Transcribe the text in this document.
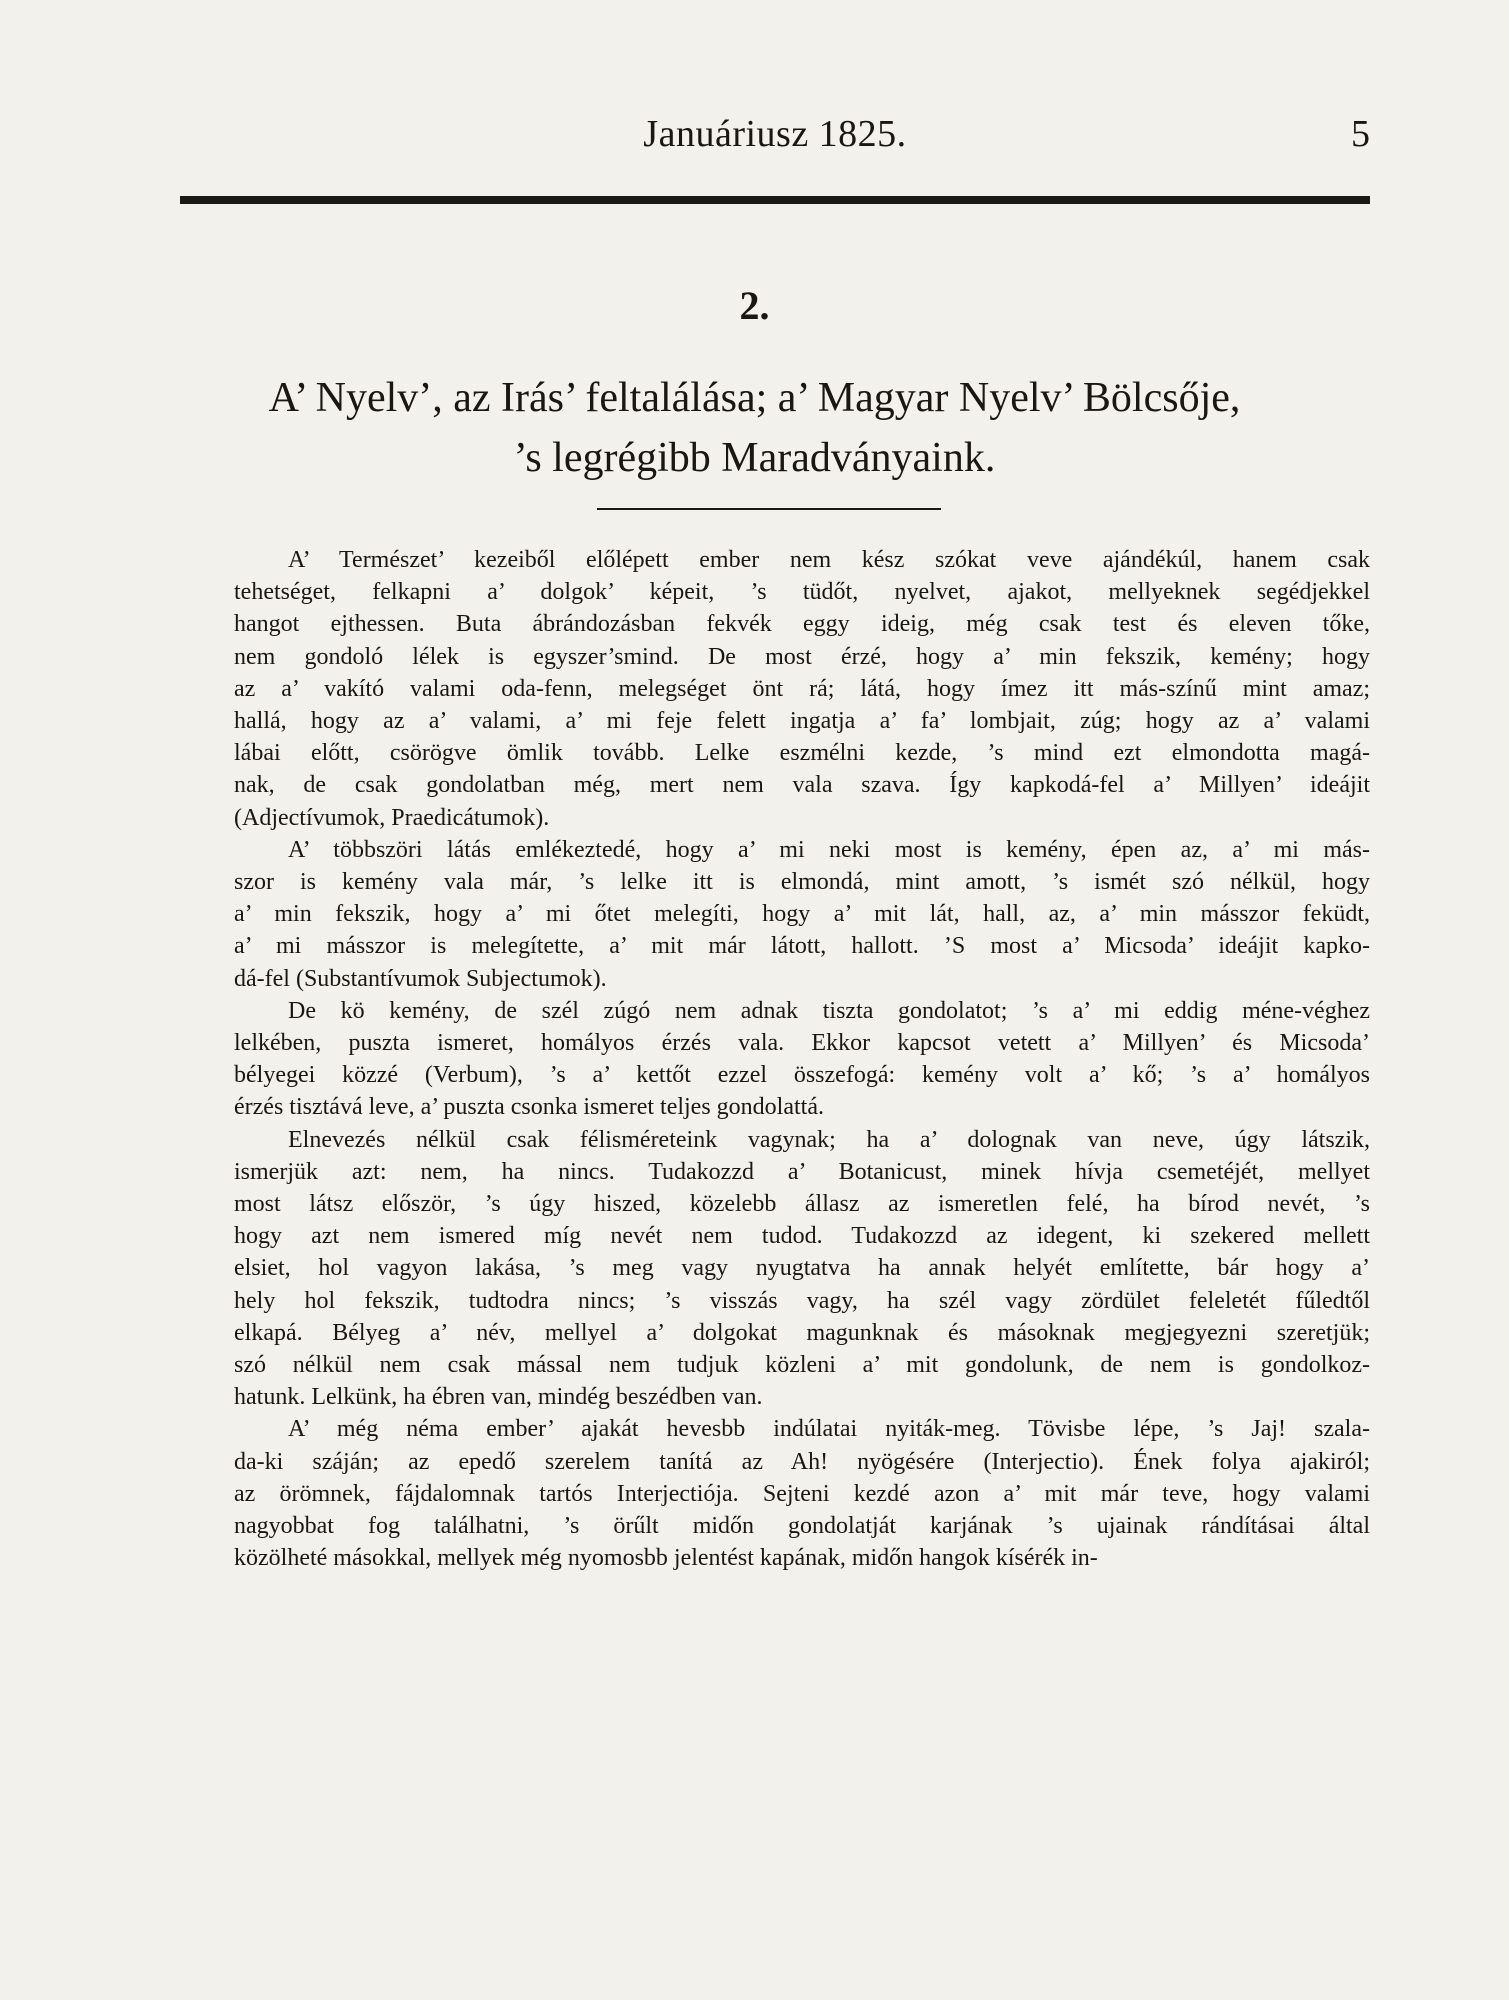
Januáriusz 1825.	5
2.
A’ Nyelv’, az Irás’ feltalálása; a’ Magyar Nyelv’ Bölcsője,
’s legrégibb Maradványaink.
A’ Természet’ kezeiből előlépett ember nem kész szókat veve ajándékúl, hanem csak
tehetséget, felkapni a’ dolgok’ képeit, ’s tüdőt, nyelvet, ajakot, mellyeknek segédjekkel
hangot ejthessen. Buta ábrándozásban fekvék eggy ideig, még csak test és eleven tőke,
nem gondoló lélek is egyszer’smind. De most érzé, hogy a’ min fekszik, kemény; hogy
az a’ vakító valami oda-fenn, melegséget önt rá; látá, hogy ímez itt más-színű mint amaz;
hallá, hogy az a’ valami, a’ mi feje felett ingatja a’ fa’ lombjait, zúg; hogy az a’ valami
lábai előtt, csörögve ömlik tovább. Lelke eszmélni kezde, ’s mind ezt elmondotta magá-
nak, de csak gondolatban még, mert nem vala szava. Így kapkodá-fel a’ Millyen’ ideájit
(Adjectívumok, Praedicátumok).
A’ többszöri látás emlékeztedé, hogy a’ mi neki most is kemény, épen az, a’ mi más-
szor is kemény vala már, ’s lelke itt is elmondá, mint amott, ’s ismét szó nélkül, hogy
a’ min fekszik, hogy a’ mi őtet melegíti, hogy a’ mit lát, hall, az, a’ min másszor feküdt,
a’ mi másszor is melegítette, a’ mit már látott, hallott. ’S most a’ Micsoda’ ideájit kapko-
dá-fel (Substantívumok Subjectumok).
De kö kemény, de szél zúgó nem adnak tiszta gondolatot; ’s a’ mi eddig méne-véghez
lelkében, puszta ismeret, homályos érzés vala. Ekkor kapcsot vetett a’ Millyen’ és Micsoda’
bélyegei közzé (Verbum), ’s a’ kettőt ezzel összefogá: kemény volt a’ kő; ’s a’ homályos
érzés tisztává leve, a’ puszta csonka ismeret teljes gondolattá.
Elnevezés nélkül csak félisméreteink vagynak; ha a’ dolognak van neve, úgy látszik,
ismerjük azt: nem, ha nincs. Tudakozzd a’ Botanicust, minek hívja csemetéjét, mellyet
most látsz először, ’s úgy hiszed, közelebb állasz az ismeretlen felé, ha bírod nevét, ’s
hogy azt nem ismered míg nevét nem tudod. Tudakozzd az idegent, ki szekered mellett
elsiet, hol vagyon lakása, ’s meg vagy nyugtatva ha annak helyét említette, bár hogy a’
hely hol fekszik, tudtodra nincs; ’s visszás vagy, ha szél vagy zördület feleletét fűledtől
elkapá. Bélyeg a’ név, mellyel a’ dolgokat magunknak és másoknak megjegyezni szeretjük;
szó nélkül nem csak mással nem tudjuk közleni a’ mit gondolunk, de nem is gondolkoz-
hatunk. Lelkünk, ha ébren van, mindég beszédben van.
A’ még néma ember’ ajakát hevesbb indúlatai nyiták-meg. Tövisbe lépe, ’s Jaj! szala-
da-ki száján; az epedő szerelem tanítá az Ah! nyögésére (Interjectio). Ének folya ajakiról;
az örömnek, fájdalomnak tartós Interjectiója. Sejteni kezdé azon a’ mit már teve, hogy valami
nagyobbat fog találhatni, ’s örűlt midőn gondolatját karjának ’s ujainak rándításai által
közölheté másokkal, mellyek még nyomosbb jelentést kapának, midőn hangok kísérék in-
